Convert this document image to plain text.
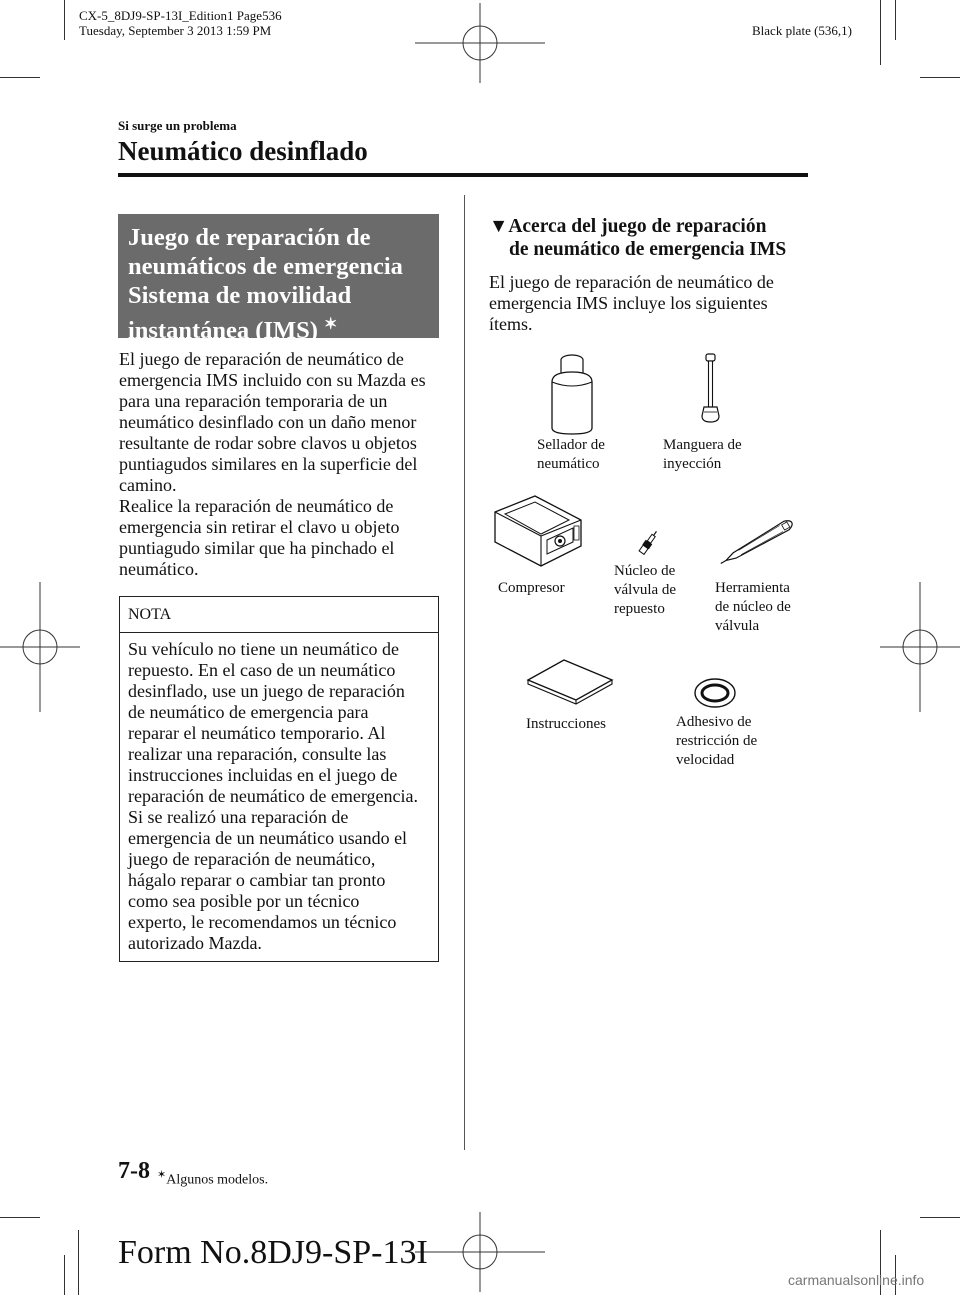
CX-5_8DJ9-SP-13I_Edition1 Page536
Tuesday, September 3 2013 1:59 PM	Black plate (536,1)
Si surge un problema
Neumático desinflado
Juego de reparación de
neumáticos de emergencia
Sistema de movilidad
instantánea (IMS) ✶
El juego de reparación de neumático de
emergencia IMS incluido con su Mazda es
para una reparación temporaria de un
neumático desinflado con un daño menor
resultante de rodar sobre clavos u objetos
puntiagudos similares en la superficie del
camino.
Realice la reparación de neumático de
emergencia sin retirar el clavo u objeto
puntiagudo similar que ha pinchado el
neumático.
NOTA
Su vehículo no tiene un neumático de
repuesto. En el caso de un neumático
desinflado, use un juego de reparación
de neumático de emergencia para
reparar el neumático temporario. Al
realizar una reparación, consulte las
instrucciones incluidas en el juego de
reparación de neumático de emergencia.
Si se realizó una reparación de
emergencia de un neumático usando el
juego de reparación de neumático,
hágalo reparar o cambiar tan pronto
como sea posible por un técnico
experto, le recomendamos un técnico
autorizado Mazda.
▼Acerca del juego de reparación
de neumático de emergencia IMS
El juego de reparación de neumático de
emergencia IMS incluye los siguientes
ítems.
Sellador de
neumático
Manguera de
inyección
Compresor
Núcleo de
válvula de
repuesto
Herramienta
de núcleo de
válvula
Instrucciones	Adhesivo de
restricción de
velocidad
7-8 ✶Algunos modelos.
Form No.8DJ9-SP-13I
carmanualsonline.info
